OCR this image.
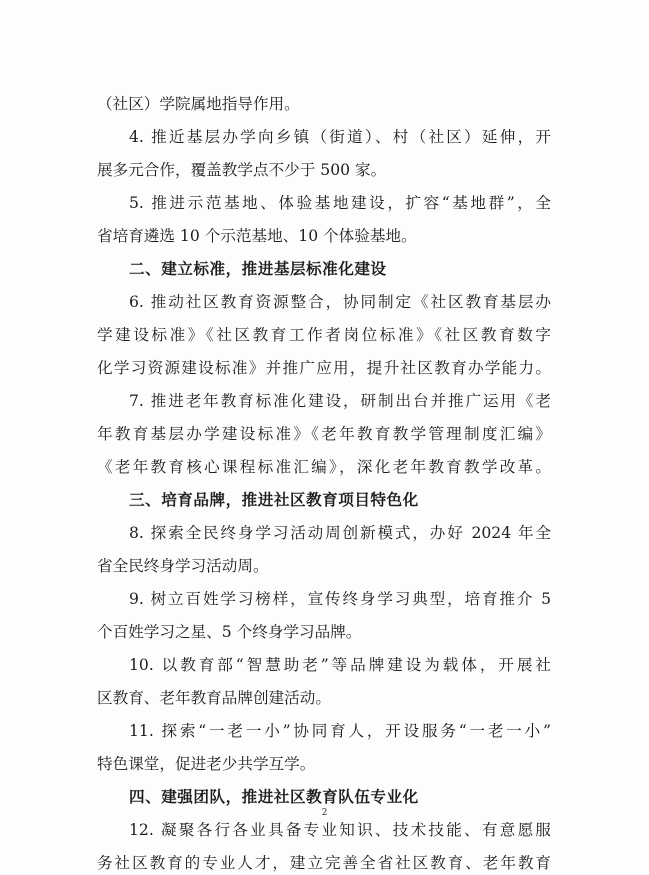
（社区）学院属地指导作用。
4. 推近基层办学向乡镇（街道）、村（社区）延伸，开
展多元合作，覆盖教学点不少于 500 家。
5. 推进示范基地、体验基地建设，扩容“基地群”，全
省培育遴选 10 个示范基地、10 个体验基地。
二、建立标准，推进基层标准化建设
6. 推动社区教育资源整合，协同制定《社区教育基层办
学建设标准》《社区教育工作者岗位标准》《社区教育数字
化学习资源建设标准》并推广应用，提升社区教育办学能力。
7. 推进老年教育标准化建设，研制出台并推广运用《老
年教育基层办学建设标准》《老年教育教学管理制度汇编》
《老年教育核心课程标准汇编》，深化老年教育教学改革。
三、培育品牌，推进社区教育项目特色化
8. 探索全民终身学习活动周创新模式，办好 2024 年全
省全民终身学习活动周。
9. 树立百姓学习榜样，宣传终身学习典型，培育推介 5
个百姓学习之星、5 个终身学习品牌。
10. 以教育部“智慧助老”等品牌建设为载体，开展社
区教育、老年教育品牌创建活动。
11. 探索“一老一小”协同育人，开设服务“一老一小”
特色课堂，促进老少共学互学。
四、建强团队，推进社区教育队伍专业化
12. 凝聚各行各业具备专业知识、技术技能、有意愿服
务社区教育的专业人才，建立完善全省社区教育、老年教育
2
